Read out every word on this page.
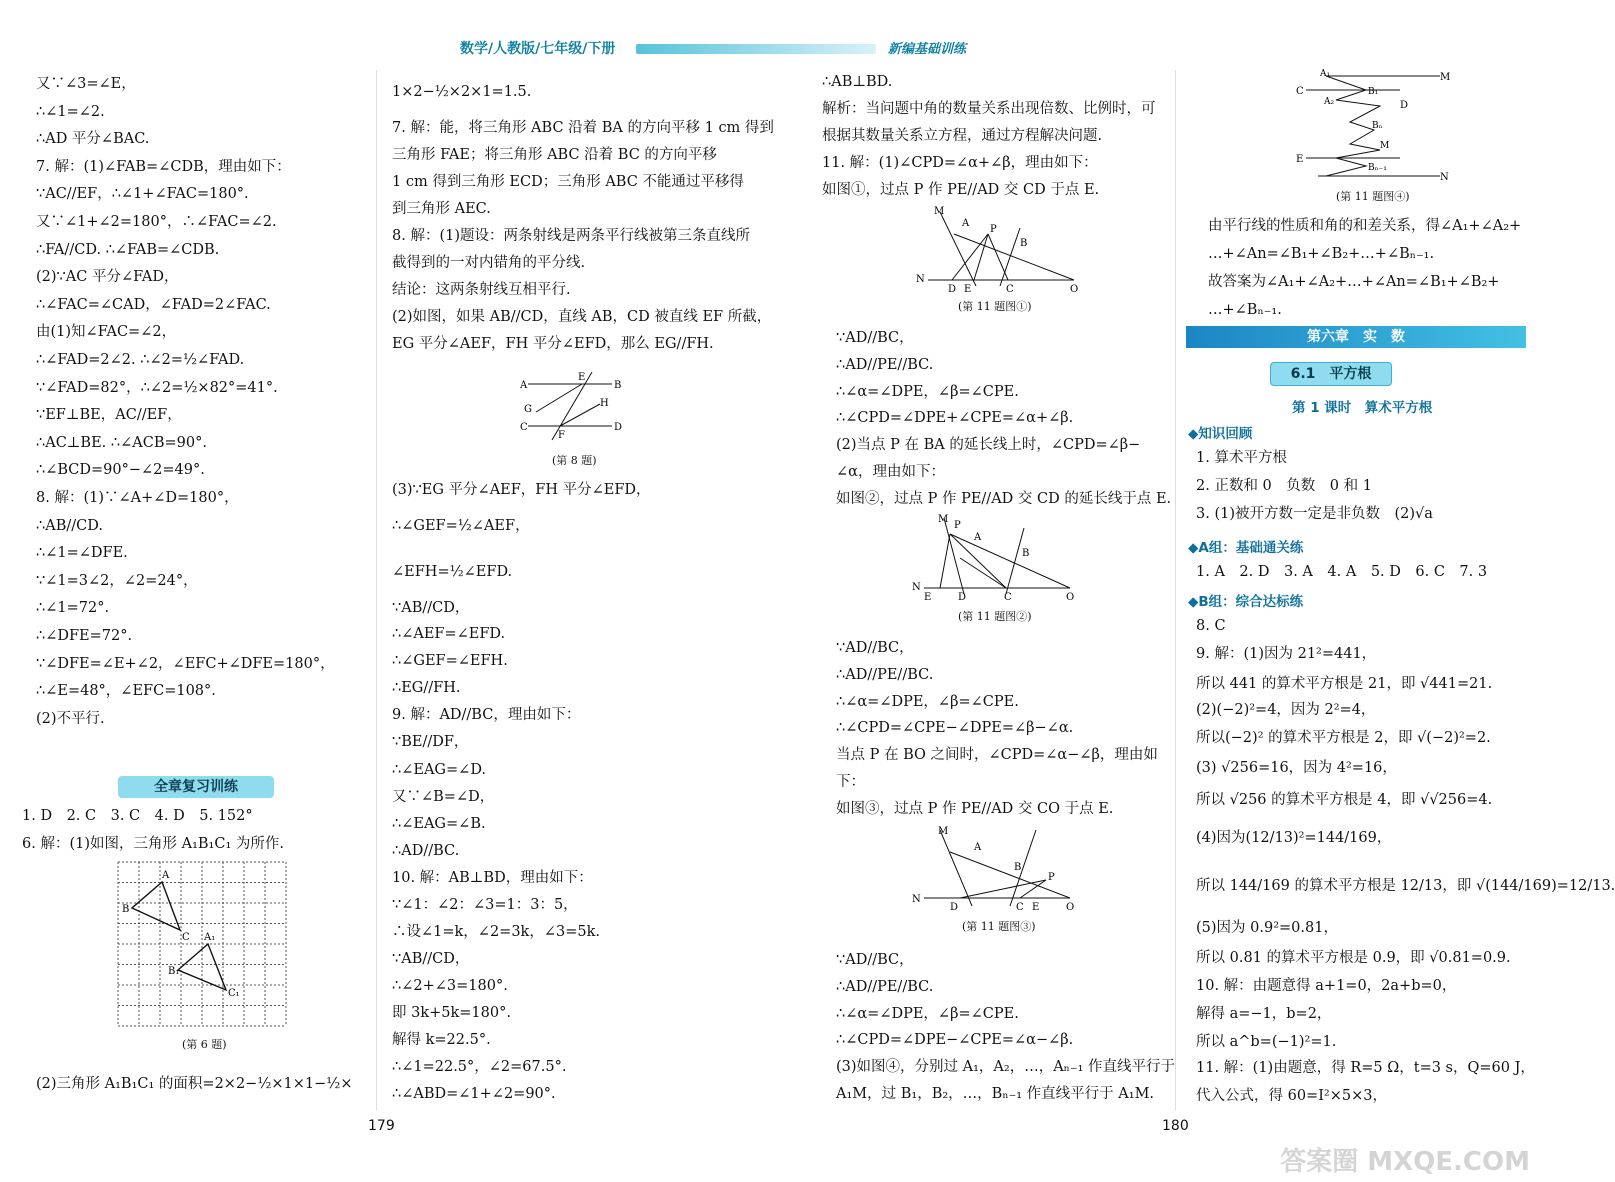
数学/人教版/七年级/下册	新编基础训练
又∵∠3=∠E，
∴∠1=∠2.
∴AD 平分∠BAC.
7. 解：(1)∠FAB=∠CDB，理由如下：
∵AC//EF，∴∠1+∠FAC=180°.
又∵∠1+∠2=180°，∴∠FAC=∠2.
∴FA//CD. ∴∠FAB=∠CDB.
(2)∵AC 平分∠FAD，
∴∠FAC=∠CAD，∠FAD=2∠FAC.
由(1)知∠FAC=∠2，
∴∠FAD=2∠2. ∴∠2=½∠FAD.
∵∠FAD=82°，∴∠2=½×82°=41°.
∵EF⊥BE，AC//EF，
∴AC⊥BE. ∴∠ACB=90°.
∴∠BCD=90°−∠2=49°.
8. 解：(1)∵∠A+∠D=180°，
∴AB//CD.
∴∠1=∠DFE.
∵∠1=3∠2，∠2=24°，
∴∠1=72°.
∴∠DFE=72°.
∵∠DFE=∠E+∠2，∠EFC+∠DFE=180°，
∴∠E=48°，∠EFC=108°.
(2)不平行.
全章复习训练
1. D　2. C　3. C　4. D　5. 152°
6. 解：(1)如图，三角形 A₁B₁C₁ 为所作.
A
B
C A₁
B₁
C₁
(第 6 题)
(2)三角形 A₁B₁C₁ 的面积=2×2−½×1×1−½×
1×2−½×2×1=1.5.
7. 解：能，将三角形 ABC 沿着 BA 的方向平移 1 cm 得到
三角形 FAE；将三角形 ABC 沿着 BC 的方向平移
1 cm 得到三角形 ECD；三角形 ABC 不能通过平移得
到三角形 AEC.
8. 解：(1)题设：两条射线是两条平行线被第三条直线所
截得到的一对内错角的平分线.
结论：这两条射线互相平行.
(2)如图，如果 AB//CD，直线 AB，CD 被直线 EF 所截，
EG 平分∠AEF，FH 平分∠EFD，那么 EG//FH.
A	B
C	D
G
H
E
F
(第 8 题)
(3)∵EG 平分∠AEF，FH 平分∠EFD，
∴∠GEF=½∠AEF，
∠EFH=½∠EFD.
∵AB//CD，
∴∠AEF=∠EFD.
∴∠GEF=∠EFH.
∴EG//FH.
9. 解：AD//BC，理由如下：
∵BE//DF，
∴∠EAG=∠D.
又∵∠B=∠D，
∴∠EAG=∠B.
∴AD//BC.
10. 解：AB⊥BD，理由如下：
∵∠1：∠2：∠3=1：3：5，
∴设∠1=k，∠2=3k，∠3=5k.
∵AB//CD，
∴∠2+∠3=180°.
即 3k+5k=180°.
解得 k=22.5°.
∴∠1=22.5°，∠2=67.5°.
∴∠ABD=∠1+∠2=90°.
∴AB⊥BD.
解析：当问题中角的数量关系出现倍数、比例时，可
根据其数量关系立方程，通过方程解决问题.
11. 解：(1)∠CPD=∠α+∠β，理由如下：
如图①，过点 P 作 PE//AD 交 CD 于点 E.
M
A
P
B
N
D E	C	O
(第 11 题图①)
∵AD//BC，
∴AD//PE//BC.
∴∠α=∠DPE，∠β=∠CPE.
∴∠CPD=∠DPE+∠CPE=∠α+∠β.
(2)当点 P 在 BA 的延长线上时，∠CPD=∠β−
∠α，理由如下：
如图②，过点 P 作 PE//AD 交 CD 的延长线于点 E.
M
P
A
B
N
E	D	C	O
(第 11 题图②)
∵AD//BC，
∴AD//PE//BC.
∴∠α=∠DPE，∠β=∠CPE.
∴∠CPD=∠CPE−∠DPE=∠β−∠α.
当点 P 在 BO 之间时，∠CPD=∠α−∠β，理由如
下：
如图③，过点 P 作 PE//AD 交 CO 于点 E.
M
A
B
P
N
D	C E	O
(第 11 题图③)
∵AD//BC，
∴AD//PE//BC.
∴∠α=∠DPE，∠β=∠CPE.
∴∠CPD=∠DPE−∠CPE=∠α−∠β.
(3)如图④，分别过 A₁，A₂，…，Aₙ₋₁ 作直线平行于
A₁M，过 B₁，B₂，…，Bₙ₋₁ 作直线平行于 A₁M.
C
M
A₁
B₁
A₂	D
Bₙ
M
E
Bₙ₋₁
N
(第 11 题图④)
由平行线的性质和角的和差关系，得∠A₁+∠A₂+
…+∠An=∠B₁+∠B₂+…+∠Bₙ₋₁.
故答案为∠A₁+∠A₂+…+∠An=∠B₁+∠B₂+
…+∠Bₙ₋₁.
第六章　实　数
6.1　平方根
第 1 课时　算术平方根
◆知识回顾
1. 算术平方根
2. 正数和 0　负数　0 和 1
3. (1)被开方数一定是非负数　(2)√a
◆A组：基础通关练
1. A　2. D　3. A　4. A　5. D　6. C　7. 3
◆B组：综合达标练
8. C
9. 解：(1)因为 21²=441，
所以 441 的算术平方根是 21，即 √441=21.
(2)(−2)²=4，因为 2²=4，
所以(−2)² 的算术平方根是 2，即 √(−2)²=2.
(3) √256=16，因为 4²=16，
所以 √256 的算术平方根是 4，即 √√256=4.
(4)因为(12/13)²=144/169，
所以 144/169 的算术平方根是 12/13，即 √(144/169)=12/13.
(5)因为 0.9²=0.81，
所以 0.81 的算术平方根是 0.9，即 √0.81=0.9.
10. 解：由题意得 a+1=0，2a+b=0，
解得 a=−1，b=2，
所以 a^b=(−1)²=1.
11. 解：(1)由题意，得 R=5 Ω，t=3 s，Q=60 J，
代入公式，得 60=I²×5×3，
179	180
答案圈 MXQE.COM
